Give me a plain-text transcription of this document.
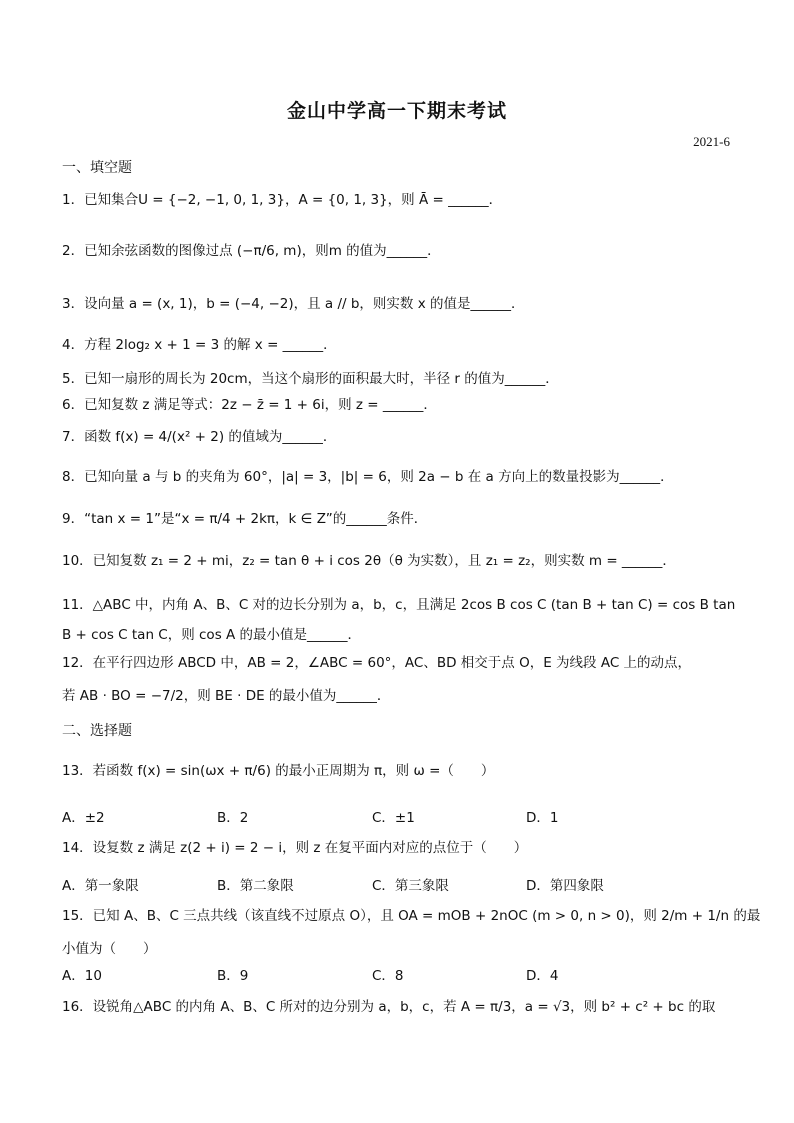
金山中学高一下期末考试
2021-6
一、填空题
1．已知集合U = {−2, −1, 0, 1, 3}，A = {0, 1, 3}，则 Ā = ______．
2．已知余弦函数的图像过点 (−π/6, m)，则m 的值为______．
3．设向量 a = (x, 1)，b = (−4, −2)，且 a // b，则实数 x 的值是______．
4．方程 2log₂ x + 1 = 3 的解 x = ______．
5．已知一扇形的周长为 20cm，当这个扇形的面积最大时，半径 r 的值为______．
6．已知复数 z 满足等式：2z − z̄ = 1 + 6i，则 z = ______．
7．函数 f(x) = 4/(x² + 2) 的值域为______．
8．已知向量 a 与 b 的夹角为 60°，|a| = 3，|b| = 6，则 2a − b 在 a 方向上的数量投影为______．
9．“tan x = 1”是“x = π/4 + 2kπ，k ∈ Z”的______条件．
10．已知复数 z₁ = 2 + mi，z₂ = tan θ + i cos 2θ（θ 为实数），且 z₁ = z₂，则实数 m = ______．
11．△ABC 中，内角 A、B、C 对的边长分别为 a，b，c，且满足 2cos B cos C (tan B + tan C) = cos B tan B + cos C tan C，则 cos A 的最小值是______．
12．在平行四边形 ABCD 中，AB = 2，∠ABC = 60°，AC、BD 相交于点 O，E 为线段 AC 上的动点，
若 AB · BO = −7/2，则 BE · DE 的最小值为______．
二、选择题
13．若函数 f(x) = sin(ωx + π/6) 的最小正周期为 π，则 ω =（　　）
A．±2	B．2	C．±1	D．1
14．设复数 z 满足 z(2 + i) = 2 − i，则 z 在复平面内对应的点位于（　　）
A．第一象限	B．第二象限	C．第三象限	D．第四象限
15．已知 A、B、C 三点共线（该直线不过原点 O），且 OA = mOB + 2nOC (m > 0, n > 0)，则 2/m + 1/n 的最
小值为（　　）
A．10	B．9	C．8	D．4
16．设锐角△ABC 的内角 A、B、C 所对的边分别为 a，b，c，若 A = π/3，a = √3，则 b² + c² + bc 的取
